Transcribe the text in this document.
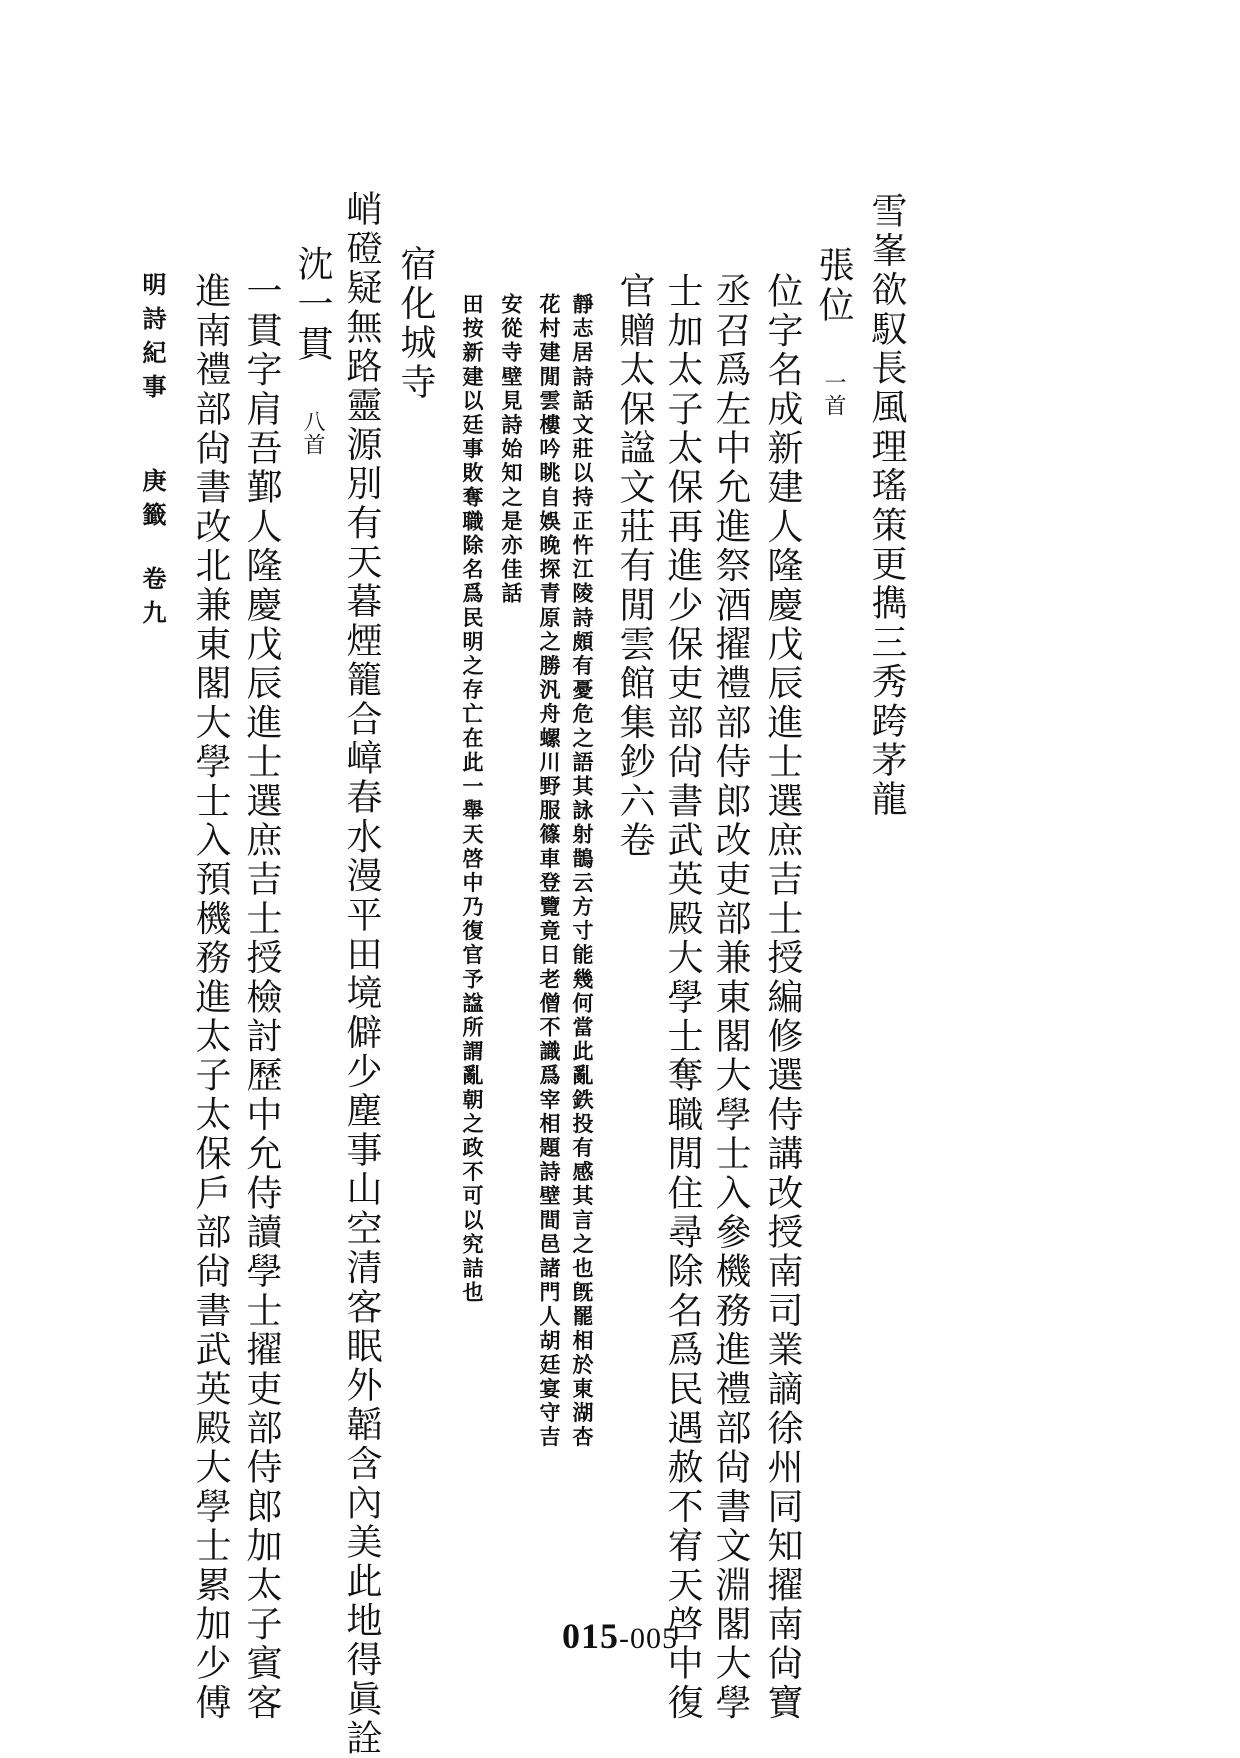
雪峯欲馭長風理瑤策更擕三秀跨茅龍
張位 一首
位字名成新建人隆慶戊辰進士選庶吉士授編修選侍講改授南司業謫徐州同知擢南尙寶
丞召爲左中允進祭酒擢禮部侍郎改吏部兼東閣大學士入參機務進禮部尙書文淵閣大學
士加太子太保再進少保吏部尙書武英殿大學士奪職閒住尋除名爲民遇赦不宥天啓中復
官贈太保諡文莊有閒雲館集鈔六卷
靜志居詩話文莊以持正忤江陵詩頗有憂危之語其詠射鵲云方寸能幾何當此亂鉄投有感其言之也旣罷相於東湖杏
花村建閒雲樓吟眺自娛晚探青原之勝汎舟螺川野服篠車登覽竟日老僧不識爲宰相題詩壁間邑諸門人胡廷宴守吉
安從寺壁見詩始知之是亦佳話
田按新建以廷事敗奪職除名爲民明之存亡在此一舉天啓中乃復官予諡所謂亂朝之政不可以究詰也
宿化城寺
峭磴疑無路靈源別有天暮煙籠合嶂春水漫平田境僻少塵事山空清客眠外韜含內美此地得眞詮
沈一貫 八首
一貫字肩吾鄞人隆慶戊辰進士選庶吉士授檢討歷中允侍讀學士擢吏部侍郎加太子賓客
進南禮部尙書改北兼東閣大學士入預機務進太子太保戶部尙書武英殿大學士累加少傅
明詩紀事庚籤卷九
015-005
